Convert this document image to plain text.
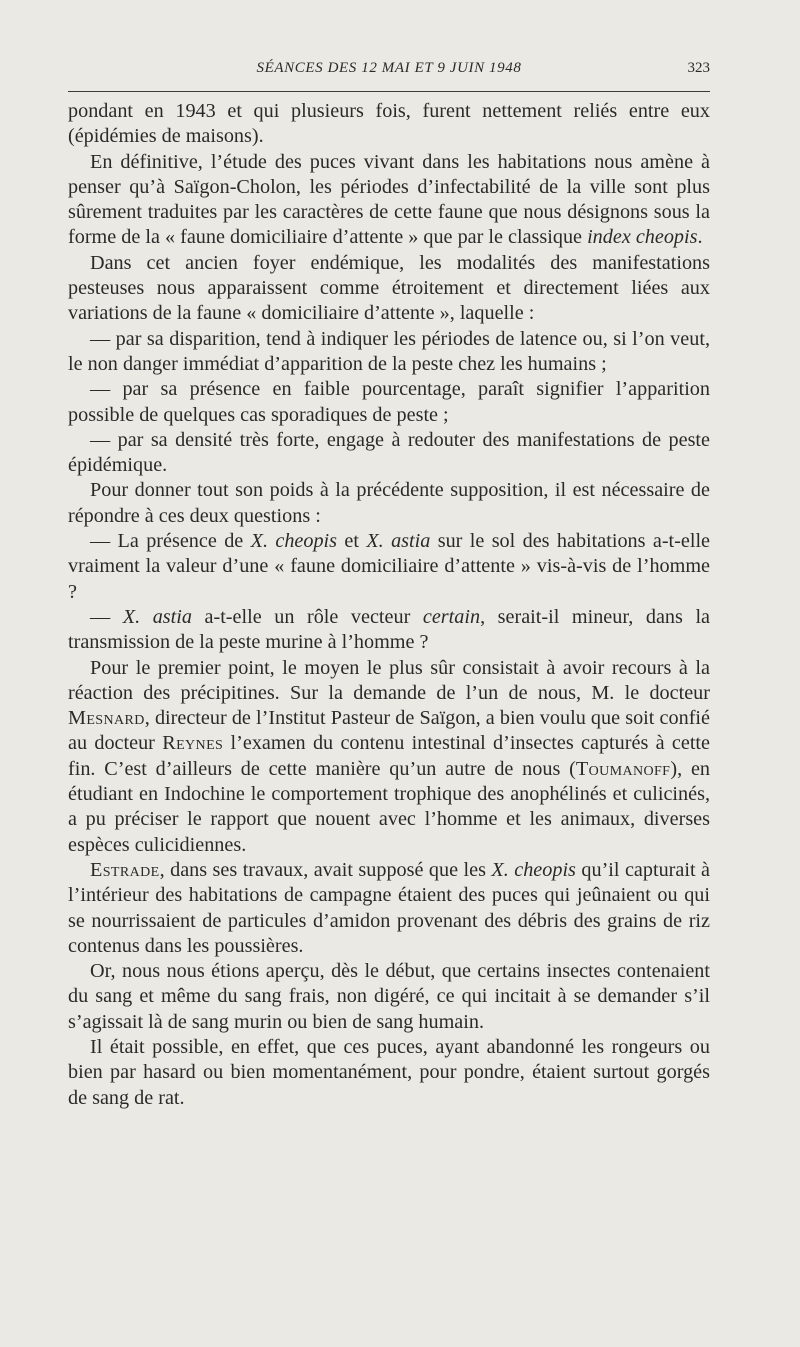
SÉANCES DES 12 MAI ET 9 JUIN 1948	323

pondant en 1943 et qui plusieurs fois, furent nettement reliés entre eux (épidémies de maisons).

En définitive, l’étude des puces vivant dans les habitations nous amène à penser qu’à Saïgon-Cholon, les périodes d’infectabilité de la ville sont plus sûrement traduites par les caractères de cette faune que nous désignons sous la forme de la « faune domiciliaire d’attente » que par le classique index cheopis.

Dans cet ancien foyer endémique, les modalités des manifestations pesteuses nous apparaissent comme étroitement et directement liées aux variations de la faune « domiciliaire d’attente », laquelle :

— par sa disparition, tend à indiquer les périodes de latence ou, si l’on veut, le non danger immédiat d’apparition de la peste chez les humains ;

— par sa présence en faible pourcentage, paraît signifier l’apparition possible de quelques cas sporadiques de peste ;

— par sa densité très forte, engage à redouter des manifestations de peste épidémique.

Pour donner tout son poids à la précédente supposition, il est nécessaire de répondre à ces deux questions :

— La présence de X. cheopis et X. astia sur le sol des habitations a-t-elle vraiment la valeur d’une « faune domiciliaire d’attente » vis-à-vis de l’homme ?

— X. astia a-t-elle un rôle vecteur certain, serait-il mineur, dans la transmission de la peste murine à l’homme ?

Pour le premier point, le moyen le plus sûr consistait à avoir recours à la réaction des précipitines. Sur la demande de l’un de nous, M. le docteur Mesnard, directeur de l’Institut Pasteur de Saïgon, a bien voulu que soit confié au docteur Reynes l’examen du contenu intestinal d’insectes capturés à cette fin. C’est d’ailleurs de cette manière qu’un autre de nous (Toumanoff), en étudiant en Indochine le comportement trophique des anophélinés et culicinés, a pu préciser le rapport que nouent avec l’homme et les animaux, diverses espèces culicidiennes.

Estrade, dans ses travaux, avait supposé que les X. cheopis qu’il capturait à l’intérieur des habitations de campagne étaient des puces qui jeûnaient ou qui se nourrissaient de particules d’amidon provenant des débris des grains de riz contenus dans les poussières.

Or, nous nous étions aperçu, dès le début, que certains insectes contenaient du sang et même du sang frais, non digéré, ce qui incitait à se demander s’il s’agissait là de sang murin ou bien de sang humain.

Il était possible, en effet, que ces puces, ayant abandonné les rongeurs ou bien par hasard ou bien momentanément, pour pondre, étaient surtout gorgés de sang de rat.
